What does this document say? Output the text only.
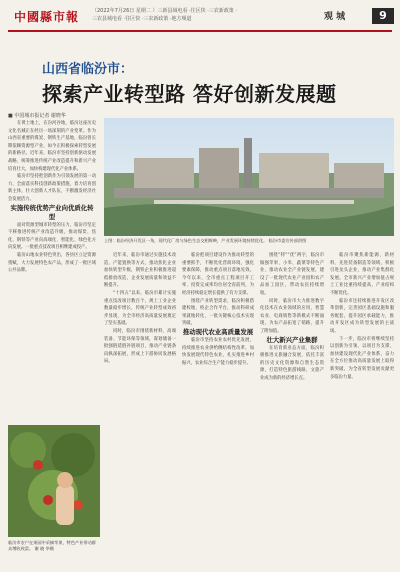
中國縣市報	（2022年7月26日 星期二 ）三新县域电看 ·往区快 ·三农新政策 ·
三农县城电看 ·往区快 ·三农新政策 ·地方频道	观 城	9
山西省临汾市：
探索产业转型路 答好创新发展题
■ 中国城市报记者 谢晓华
上图：临汾经济开发区一角，现代化厂房与绿色生态交相辉映，产业发展环境持续优化。 临汾市委宣传部供图

在黄土地上，在汾河谷地，临汾这座历史文化名城正在经历一场深刻的产业变革。作为山西省重要的煤炭、钢铁生产基地，临汾曾长期依赖资源型产业，如今正积极探索转型发展的新路径。近年来，临汾市坚持创新驱动发展战略，统筹推进传统产业改造提升和新兴产业培育壮大，加快构建现代化产业体系。

临汾市坚持把创新作为引领发展的第一动力，全面落实科技创新政策措施，着力培育创新主体，壮大创新人才队伍，不断激发经济社会发展活力。

实施传统优势产业向优质化转型

面对资源型城市转型的压力，临汾市坚定不移推进传统产业改造升级，推动煤炭、焦化、钢铁等产业向高端化、智能化、绿色化方向发展。一批重点技改项目相继建成投产。

临汾山地农业特色突出，各县区立足资源禀赋，大力发展特色农产品，形成了一批区域公共品牌。

临汾市农户在果园中采摘苹果，特色产业带动群众增收致富。 谢 晓 华摄

近年来，临汾市通过实施技术改造、产能置换等方式，推动焦化企业加快转型升级，钢铁企业积极推进超低排放改造，企业发展质量和效益不断提升。

“十四五”以来，临汾市累计实施重点技改项目数百个，规上工业企业数量稳步增长，传统产业转型成效初步显现，为全市经济高质量发展奠定了坚实基础。

同时，临汾市围绕新材料、高端装备、节能环保等领域，谋划储备一批强链延链补链项目，推动产业链条向纵深拓展，形成上下游协同发展格局。

临汾把项目建设作为推动转型的重要抓手，不断优化营商环境，强化要素保障，推动重点项目落地见效。今年以来，全市重点工程项目开工率、投资完成率均位居全省前列，为经济持续稳定增长提供了有力支撑。

围绕产业转型需求，临汾积极搭建校地、校企合作平台，推动科研成果就地转化，一批关键核心技术实现突破。

推动现代农业高质量发展

临汾市坚持农业农村优先发展，持续推进农业供给侧结构性改革，加快发展现代特色农业，扎实推进乡村振兴，农业综合生产能力稳步提升。

围绕“特”“优”两字，临汾市做强苹果、小米、蔬菜等特色产业，推动农业全产业链发展，建设了一批现代农业产业园和农产品加工园区，带动农民持续增收。

同时，临汾市大力推进数字化技术在农业领域的应用，智慧农业、电商销售等新模式不断涌现，为农产品拓宽了销路，提升了附加值。

壮大新兴产业集群

在培育新业态方面，临汾积极推进文旅融合发展，依托丰富的历史文化资源和自然生态资源，打造特色旅游线路，文旅产业成为新的经济增长点。

临汾市聚焦新能源、新材料、先进装备制造等领域，积极引进龙头企业，推动产业集群化发展。全市新兴产业增加值占规上工业比重持续提高，产业结构不断优化。

临汾市还持续推进开发区改革创新，完善园区基础设施和服务配套，提升园区承载能力，推动开发区成为转型发展的主战场。

下一步，临汾市将继续坚持以创新为引领，以项目为支撑，加快建设现代化产业体系，奋力在全方位推动高质量发展上取得新突破，为全省转型发展贡献更多临汾力量。
